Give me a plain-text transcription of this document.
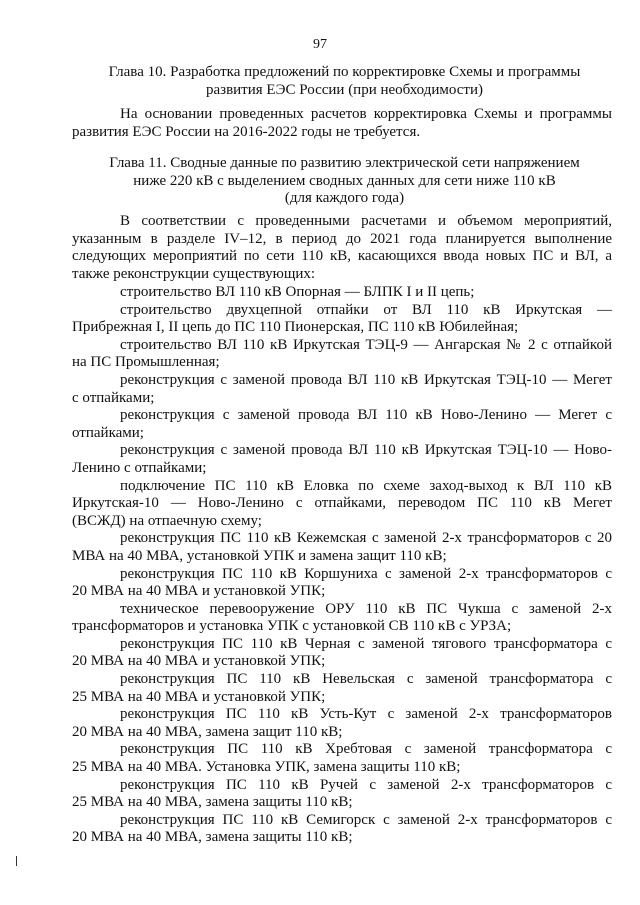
97
Глава 10. Разработка предложений по корректировке Схемы и программы
развития ЕЭС России (при необходимости)
На основании проведенных расчетов корректировка Схемы и программы
развития ЕЭС России на 2016-2022 годы не требуется.
Глава 11. Сводные данные по развитию электрической сети напряжением
ниже 220 кВ с выделением сводных данных для сети ниже 110 кВ
(для каждого года)
В соответствии с проведенными расчетами и объемом мероприятий,
указанным в разделе IV–12, в период до 2021 года планируется выполнение
следующих мероприятий по сети 110 кВ, касающихся ввода новых ПС и ВЛ, а
также реконструкции существующих:
строительство ВЛ 110 кВ Опорная — БЛПК I и II цепь;
строительство двухцепной отпайки от ВЛ 110 кВ Иркутская —
Прибрежная I, II цепь до ПС 110 Пионерская, ПС 110 кВ Юбилейная;
строительство ВЛ 110 кВ Иркутская ТЭЦ-9 — Ангарская № 2 с отпайкой
на ПС Промышленная;
реконструкция с заменой провода ВЛ 110 кВ Иркутская ТЭЦ-10 — Мегет
с отпайками;
реконструкция с заменой провода ВЛ 110 кВ Ново-Ленино — Мегет с
отпайками;
реконструкция с заменой провода ВЛ 110 кВ Иркутская ТЭЦ-10 — Ново-
Ленино с отпайками;
подключение ПС 110 кВ Еловка по схеме заход-выход к ВЛ 110 кВ
Иркутская-10 — Ново-Ленино с отпайками, переводом ПС 110 кВ Мегет
(ВСЖД) на отпаечную схему;
реконструкция ПС 110 кВ Кежемская с заменой 2-х трансформаторов с 20
МВА на 40 МВА, установкой УПК и замена защит 110 кВ;
реконструкция ПС 110 кВ Коршуниха с заменой 2-х трансформаторов с
20 МВА на 40 МВА и установкой УПК;
техническое перевооружение ОРУ 110 кВ ПС Чукша с заменой 2-х
трансформаторов и установка УПК с установкой СВ 110 кВ с УРЗА;
реконструкция ПС 110 кВ Черная с заменой тягового трансформатора с
20 МВА на 40 МВА и установкой УПК;
реконструкция ПС 110 кВ Невельская с заменой трансформатора с
25 МВА на 40 МВА и установкой УПК;
реконструкция ПС 110 кВ Усть-Кут с заменой 2-х трансформаторов
20 МВА на 40 МВА, замена защит 110 кВ;
реконструкция ПС 110 кВ Хребтовая с заменой трансформатора с
25 МВА на 40 МВА. Установка УПК, замена защиты 110 кВ;
реконструкция ПС 110 кВ Ручей с заменой 2-х трансформаторов с
25 МВА на 40 МВА, замена защиты 110 кВ;
реконструкция ПС 110 кВ Семигорск с заменой 2-х трансформаторов с
20 МВА на 40 МВА, замена защиты 110 кВ;
